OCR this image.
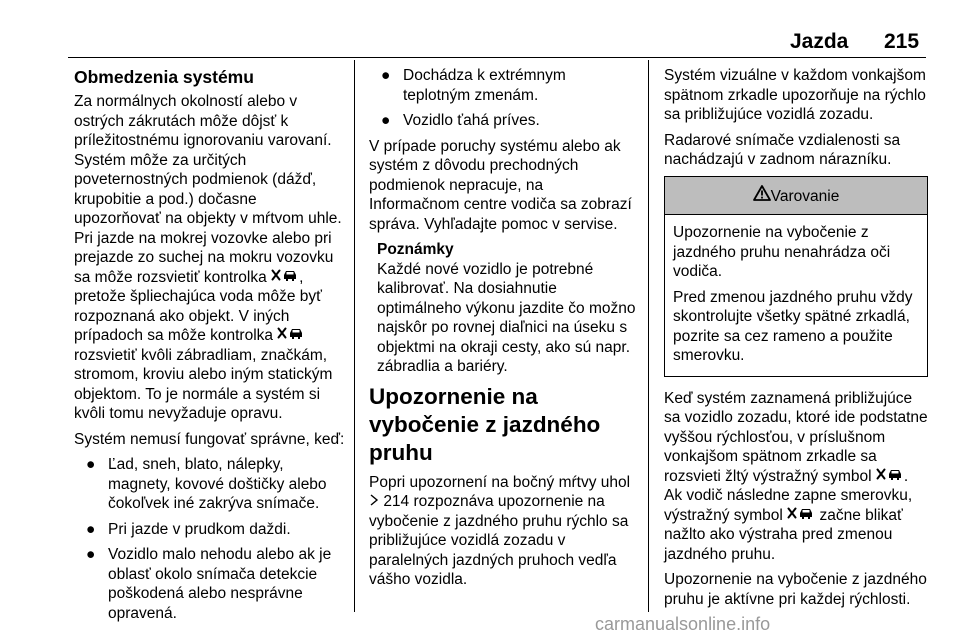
Jazda 215
Obmedzenia systému

Za normálnych okolností alebo v ostrých zákrutách môže dôjsť k príležitostnému ignorovaniu varovaní. Systém môže za určitých poveternostných podmienok (dážď, krupobitie a pod.) dočasne upozorňovať na objekty v mŕtvom uhle. Pri jazde na mokrej vozovke alebo pri prejazde zo suchej na mokru vozovku sa môže rozsvietiť kontrolka , pretože špliechajúca voda môže byť rozpoznaná ako objekt. V iných prípadoch sa môže kontrolka  rozsvietiť kvôli zábradliam, značkám, stromom, kroviu alebo iným statickým objektom. To je normále a systém si kvôli tomu nevyžaduje opravu.

Systém nemusí fungovať správne, keď:

● Ľad, sneh, blato, nálepky, magnety, kovové doštičky alebo čokoľvek iné zakrýva snímače.
● Pri jazde v prudkom daždi.
● Vozidlo malo nehodu alebo ak je oblasť okolo snímača detekcie poškodená alebo nesprávne opravená.
● Dochádza k extrémnym teplotným zmenám.
● Vozidlo ťahá príves.

V prípade poruchy systému alebo ak systém z dôvodu prechodných podmienok nepracuje, na Informačnom centre vodiča sa zobrazí správa. Vyhľadajte pomoc v servise.

Poznámky
Každé nové vozidlo je potrebné kalibrovať. Na dosiahnutie optimálneho výkonu jazdite čo možno najskôr po rovnej diaľnici na úseku s objektmi na okraji cesty, ako sú napr. zábradlia a bariéry.
Upozornenie na vybočenie z jazdného pruhu

Popri upozornení na bočný mŕtvy uhol  214 rozpoznáva upozornenie na vybočenie z jazdného pruhu rýchlo sa približujúce vozidlá zozadu v paralelných jazdných pruhoch vedľa vášho vozidla.

Systém vizuálne v každom vonkajšom spätnom zrkadle upozorňuje na rýchlo sa približujúce vozidlá zozadu.

Radarové snímače vzdialenosti sa nachádzajú v zadnom nárazníku.

Varovanie

Upozornenie na vybočenie z jazdného pruhu nenahrádza oči vodiča.

Pred zmenou jazdného pruhu vždy skontrolujte všetky spätné zrkadlá, pozrite sa cez rameno a použite smerovku.

Keď systém zaznamená približujúce sa vozidlo zozadu, ktoré ide podstatne vyššou rýchlosťou, v príslušnom vonkajšom spätnom zrkadle sa rozsvieti žltý výstražný symbol . Ak vodič následne zapne smerovku, výstražný symbol  začne blikať nažlto ako výstraha pred zmenou jazdného pruhu.

Upozornenie na vybočenie z jazdného pruhu je aktívne pri každej rýchlosti.

carmanualsonline.info
